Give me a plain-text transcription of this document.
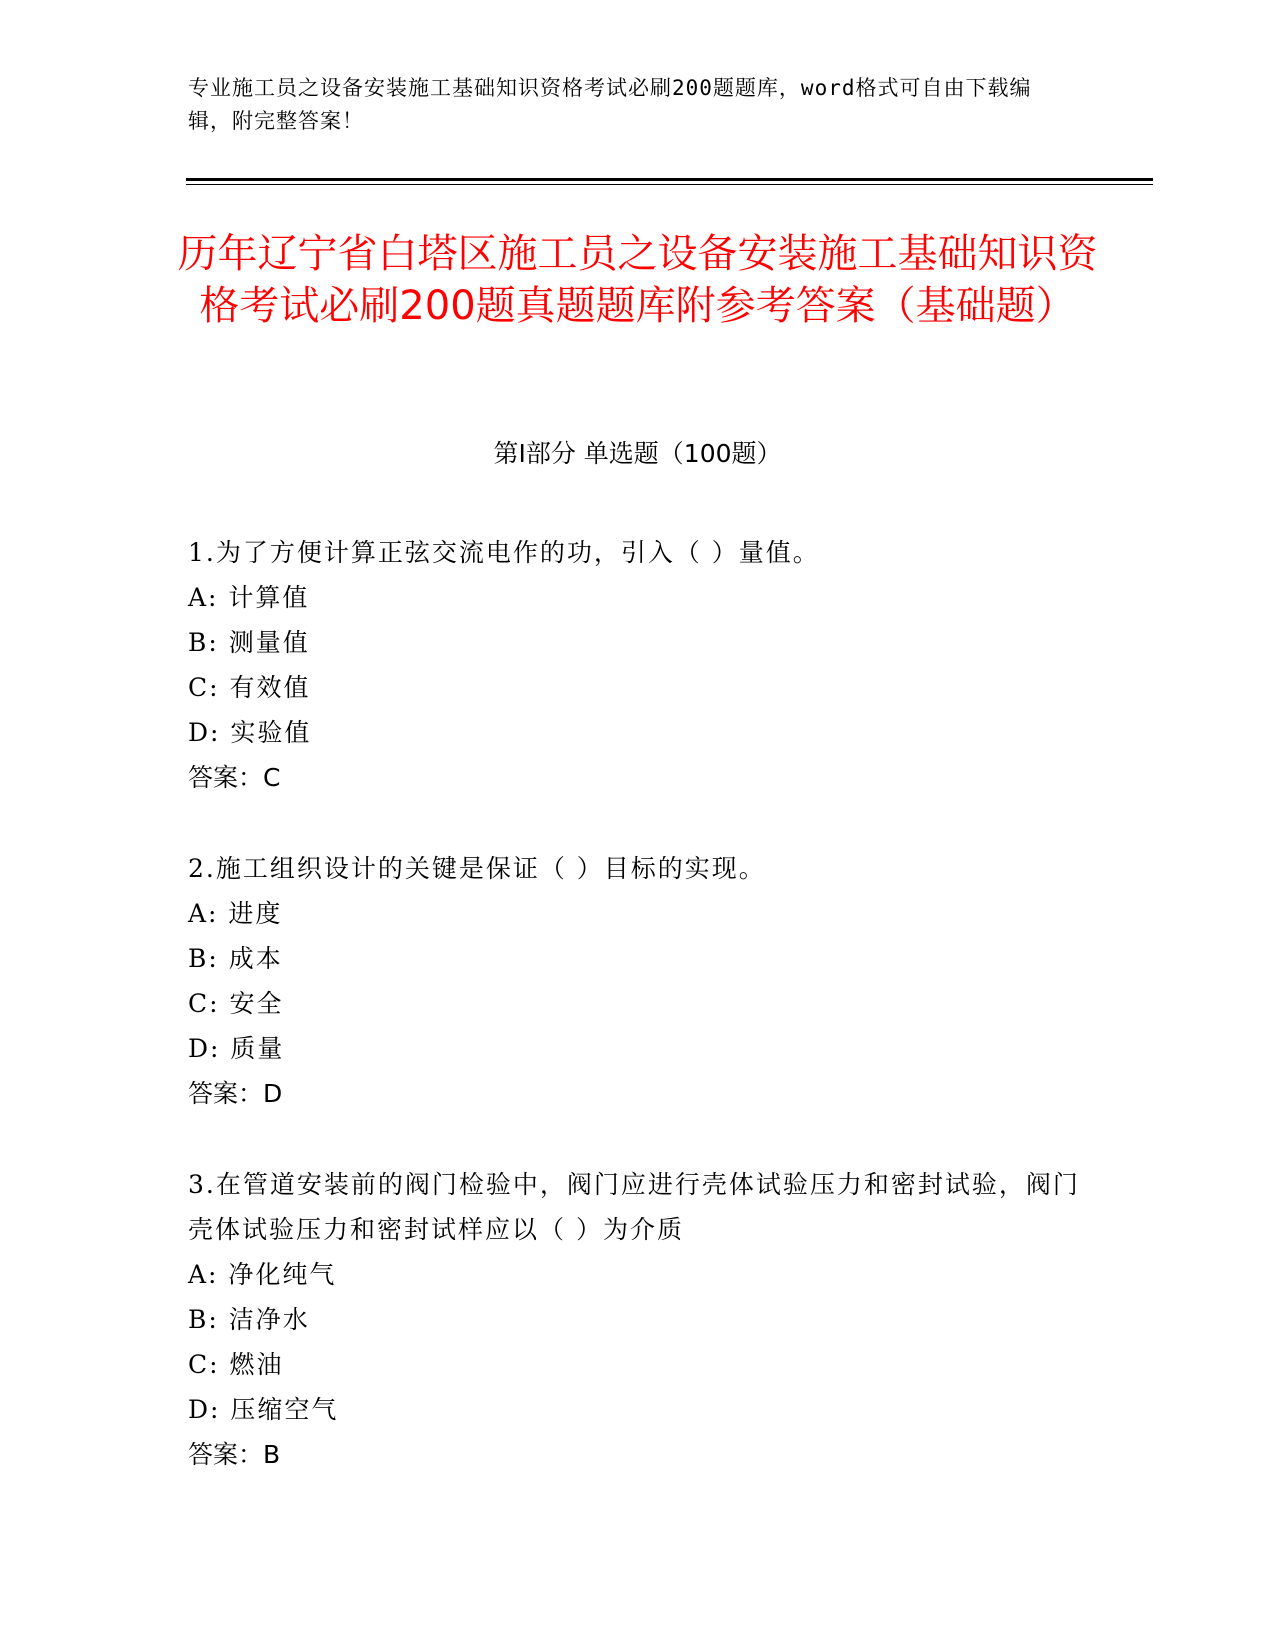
专业施工员之设备安装施工基础知识资格考试必刷200题题库，word格式可自由下载编辑，附完整答案！
历年辽宁省白塔区施工员之设备安装施工基础知识资格考试必刷200题真题题库附参考答案（基础题）
第Ⅰ部分 单选题（100题）

1.为了方便计算正弦交流电作的功，引入（ ）量值。

A: 计算值

B: 测量值

C: 有效值

D: 实验值

答案：C

2.施工组织设计的关键是保证（ ）目标的实现。

A: 进度

B: 成本

C: 安全

D: 质量

答案：D

3.在管道安装前的阀门检验中，阀门应进行壳体试验压力和密封试验，阀门壳体试验压力和密封试样应以（ ）为介质

A: 净化纯气

B: 洁净水

C: 燃油

D: 压缩空气

答案：B
